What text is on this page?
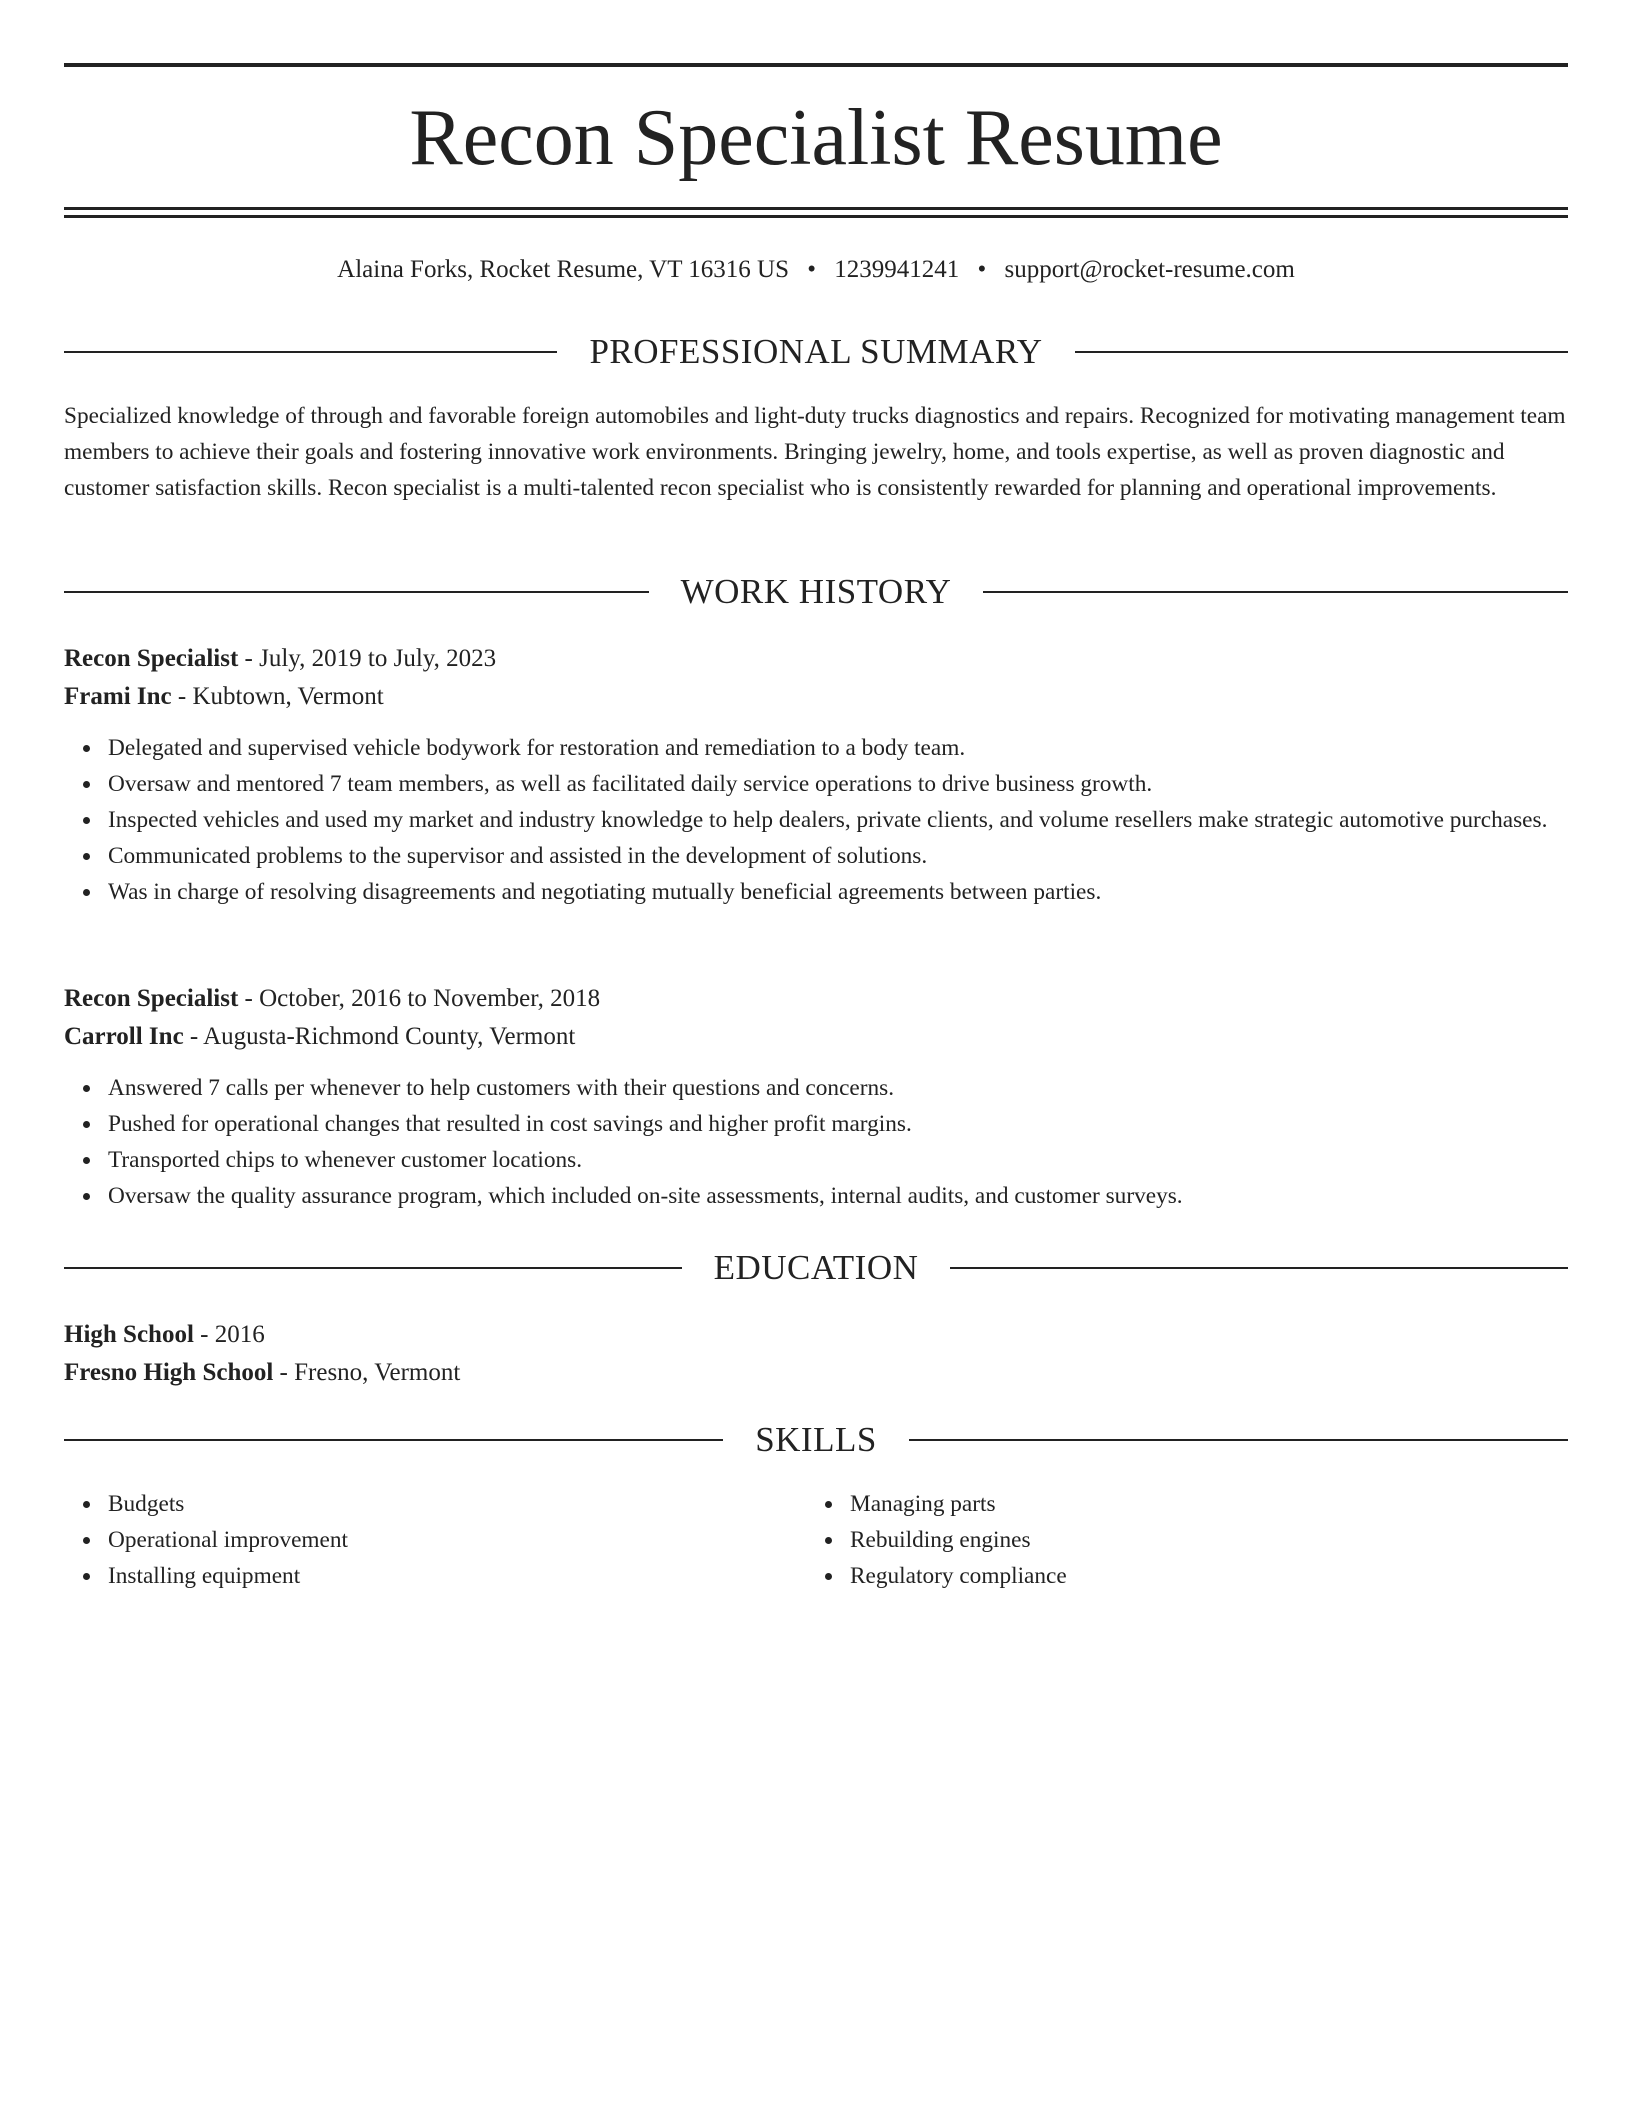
Recon Specialist Resume
Alaina Forks, Rocket Resume, VT 16316 US • 1239941241 • support@rocket-resume.com
PROFESSIONAL SUMMARY

Specialized knowledge of through and favorable foreign automobiles and light-duty trucks diagnostics and repairs. Recognized for motivating management team members to achieve their goals and fostering innovative work environments. Bringing jewelry, home, and tools expertise, as well as proven diagnostic and customer satisfaction skills. Recon specialist is a multi-talented recon specialist who is consistently rewarded for planning and operational improvements.

WORK HISTORY
Recon Specialist - July, 2019 to July, 2023
Frami Inc - Kubtown, Vermont
Delegated and supervised vehicle bodywork for restoration and remediation to a body team.
Oversaw and mentored 7 team members, as well as facilitated daily service operations to drive business growth.
Inspected vehicles and used my market and industry knowledge to help dealers, private clients, and volume resellers make strategic automotive purchases.
Communicated problems to the supervisor and assisted in the development of solutions.
Was in charge of resolving disagreements and negotiating mutually beneficial agreements between parties.
Recon Specialist - October, 2016 to November, 2018
Carroll Inc - Augusta-Richmond County, Vermont
Answered 7 calls per whenever to help customers with their questions and concerns.
Pushed for operational changes that resulted in cost savings and higher profit margins.
Transported chips to whenever customer locations.
Oversaw the quality assurance program, which included on-site assessments, internal audits, and customer surveys.
EDUCATION
High School - 2016
Fresno High School - Fresno, Vermont
SKILLS
Budgets
Operational improvement
Installing equipment
Managing parts
Rebuilding engines
Regulatory compliance
